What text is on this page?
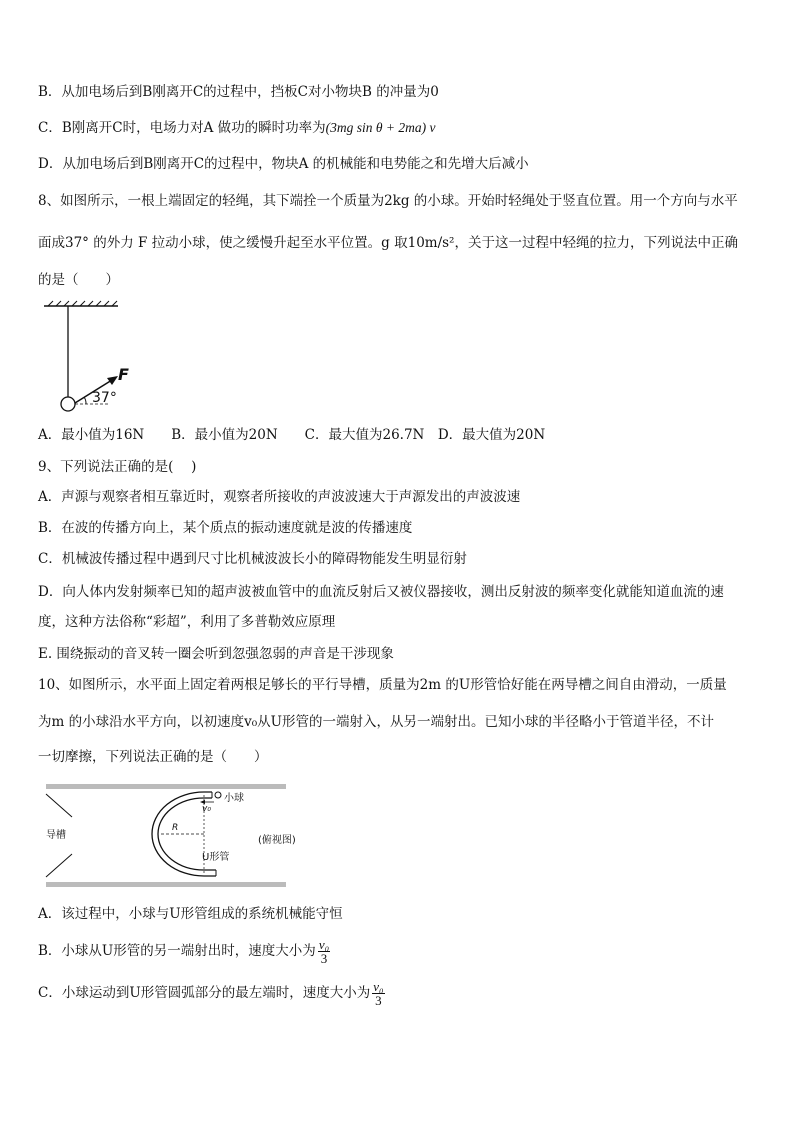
B．从加电场后到B刚离开C的过程中，挡板C对小物块B 的冲量为0
C．B刚离开C时，电场力对A 做功的瞬时功率为(3mg sin θ + 2ma) v
D．从加电场后到B刚离开C的过程中，物块A 的机械能和电势能之和先增大后减小
8、如图所示，一根上端固定的轻绳，其下端拴一个质量为2kg 的小球。开始时轻绳处于竖直位置。用一个方向与水平
面成37° 的外力 F 拉动小球，使之缓慢升起至水平位置。g 取10m/s²，关于这一过程中轻绳的拉力，下列说法中正确
的是（　　）
F
37°
A．最小值为16N　　B．最小值为20N　　C．最大值为26.7N　D．最大值为20N
9、下列说法正确的是(　 )
A．声源与观察者相互靠近时，观察者所接收的声波波速大于声源发出的声波波速
B．在波的传播方向上，某个质点的振动速度就是波的传播速度
C．机械波传播过程中遇到尺寸比机械波波长小的障碍物能发生明显衍射
D．向人体内发射频率已知的超声波被血管中的血流反射后又被仪器接收，测出反射波的频率变化就能知道血流的速
度，这种方法俗称“彩超”，利用了多普勒效应原理
E. 围绕振动的音叉转一圈会听到忽强忽弱的声音是干涉现象
10、如图所示，水平面上固定着两根足够长的平行导槽，质量为2m 的U形管恰好能在两导槽之间自由滑动，一质量
为m 的小球沿水平方向，以初速度v₀从U形管的一端射入，从另一端射出。已知小球的半径略小于管道半径，不计
一切摩擦，下列说法正确的是（　　）
导槽
v₀
小球
R
U形管
(俯视图)
A．该过程中，小球与U形管组成的系统机械能守恒
B．小球从U形管的另一端射出时，速度大小为 $\frac{\text{v₀}}{3}$
C．小球运动到U形管圆弧部分的最左端时，速度大小为 $\frac{\text{v₀}}{3}$
